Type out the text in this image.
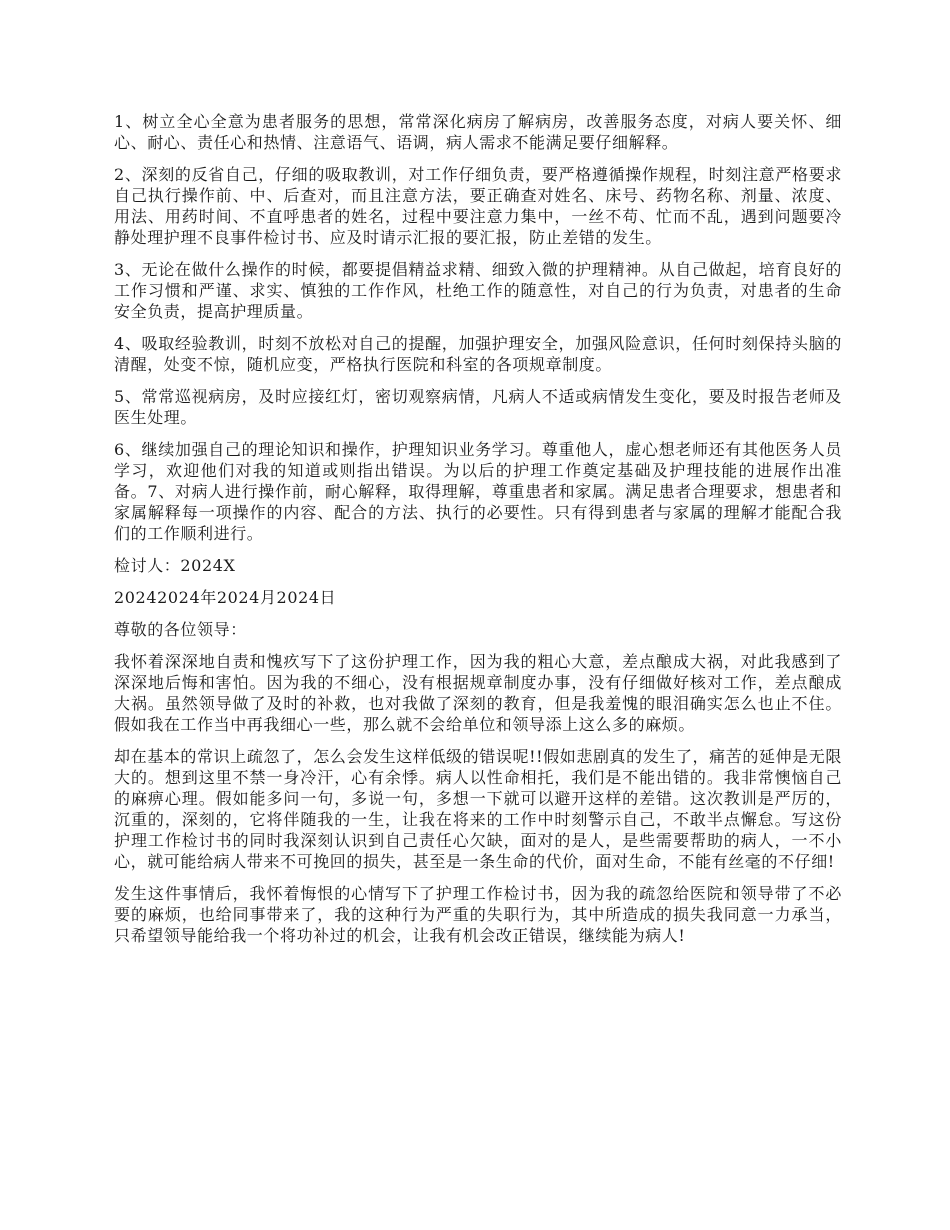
1、树立全心全意为患者服务的思想，常常深化病房了解病房，改善服务态度，对病人要关怀、细心、耐心、责任心和热情、注意语气、语调，病人需求不能满足要仔细解释。

2、深刻的反省自己，仔细的吸取教训，对工作仔细负责，要严格遵循操作规程，时刻注意严格要求自己执行操作前、中、后查对，而且注意方法，要正确查对姓名、床号、药物名称、剂量、浓度、用法、用药时间、不直呼患者的姓名，过程中要注意力集中，一丝不苟、忙而不乱，遇到问题要冷静处理护理不良事件检讨书、应及时请示汇报的要汇报，防止差错的发生。

3、无论在做什么操作的时候，都要提倡精益求精、细致入微的护理精神。从自己做起，培育良好的工作习惯和严谨、求实、慎独的工作作风，杜绝工作的随意性，对自己的行为负责，对患者的生命安全负责，提高护理质量。

4、吸取经验教训，时刻不放松对自己的提醒，加强护理安全，加强风险意识，任何时刻保持头脑的清醒，处变不惊，随机应变，严格执行医院和科室的各项规章制度。

5、常常巡视病房，及时应接红灯，密切观察病情，凡病人不适或病情发生变化，要及时报告老师及医生处理。

6、继续加强自己的理论知识和操作，护理知识业务学习。尊重他人，虚心想老师还有其他医务人员学习，欢迎他们对我的知道或则指出错误。为以后的护理工作奠定基础及护理技能的进展作出准备。7、对病人进行操作前，耐心解释，取得理解，尊重患者和家属。满足患者合理要求，想患者和家属解释每一项操作的内容、配合的方法、执行的必要性。只有得到患者与家属的理解才能配合我们的工作顺利进行。

检讨人：2024X

20242024年2024月2024日

尊敬的各位领导：

我怀着深深地自责和愧疚写下了这份护理工作，因为我的粗心大意，差点酿成大祸，对此我感到了深深地后悔和害怕。因为我的不细心，没有根据规章制度办事，没有仔细做好核对工作，差点酿成大祸。虽然领导做了及时的补救，也对我做了深刻的教育，但是我羞愧的眼泪确实怎么也止不住。假如我在工作当中再我细心一些，那么就不会给单位和领导添上这么多的麻烦。

却在基本的常识上疏忽了，怎么会发生这样低级的错误呢!!假如悲剧真的发生了，痛苦的延伸是无限大的。想到这里不禁一身冷汗，心有余悸。病人以性命相托，我们是不能出错的。我非常懊恼自己的麻痹心理。假如能多问一句，多说一句，多想一下就可以避开这样的差错。这次教训是严厉的，沉重的，深刻的，它将伴随我的一生，让我在将来的工作中时刻警示自己，不敢半点懈怠。写这份护理工作检讨书的同时我深刻认识到自己责任心欠缺，面对的是人，是些需要帮助的病人，一不小心，就可能给病人带来不可挽回的损失，甚至是一条生命的代价，面对生命，不能有丝毫的不仔细!

发生这件事情后，我怀着悔恨的心情写下了护理工作检讨书，因为我的疏忽给医院和领导带了不必要的麻烦，也给同事带来了，我的这种行为严重的失职行为，其中所造成的损失我同意一力承当，只希望领导能给我一个将功补过的机会，让我有机会改正错误，继续能为病人!
